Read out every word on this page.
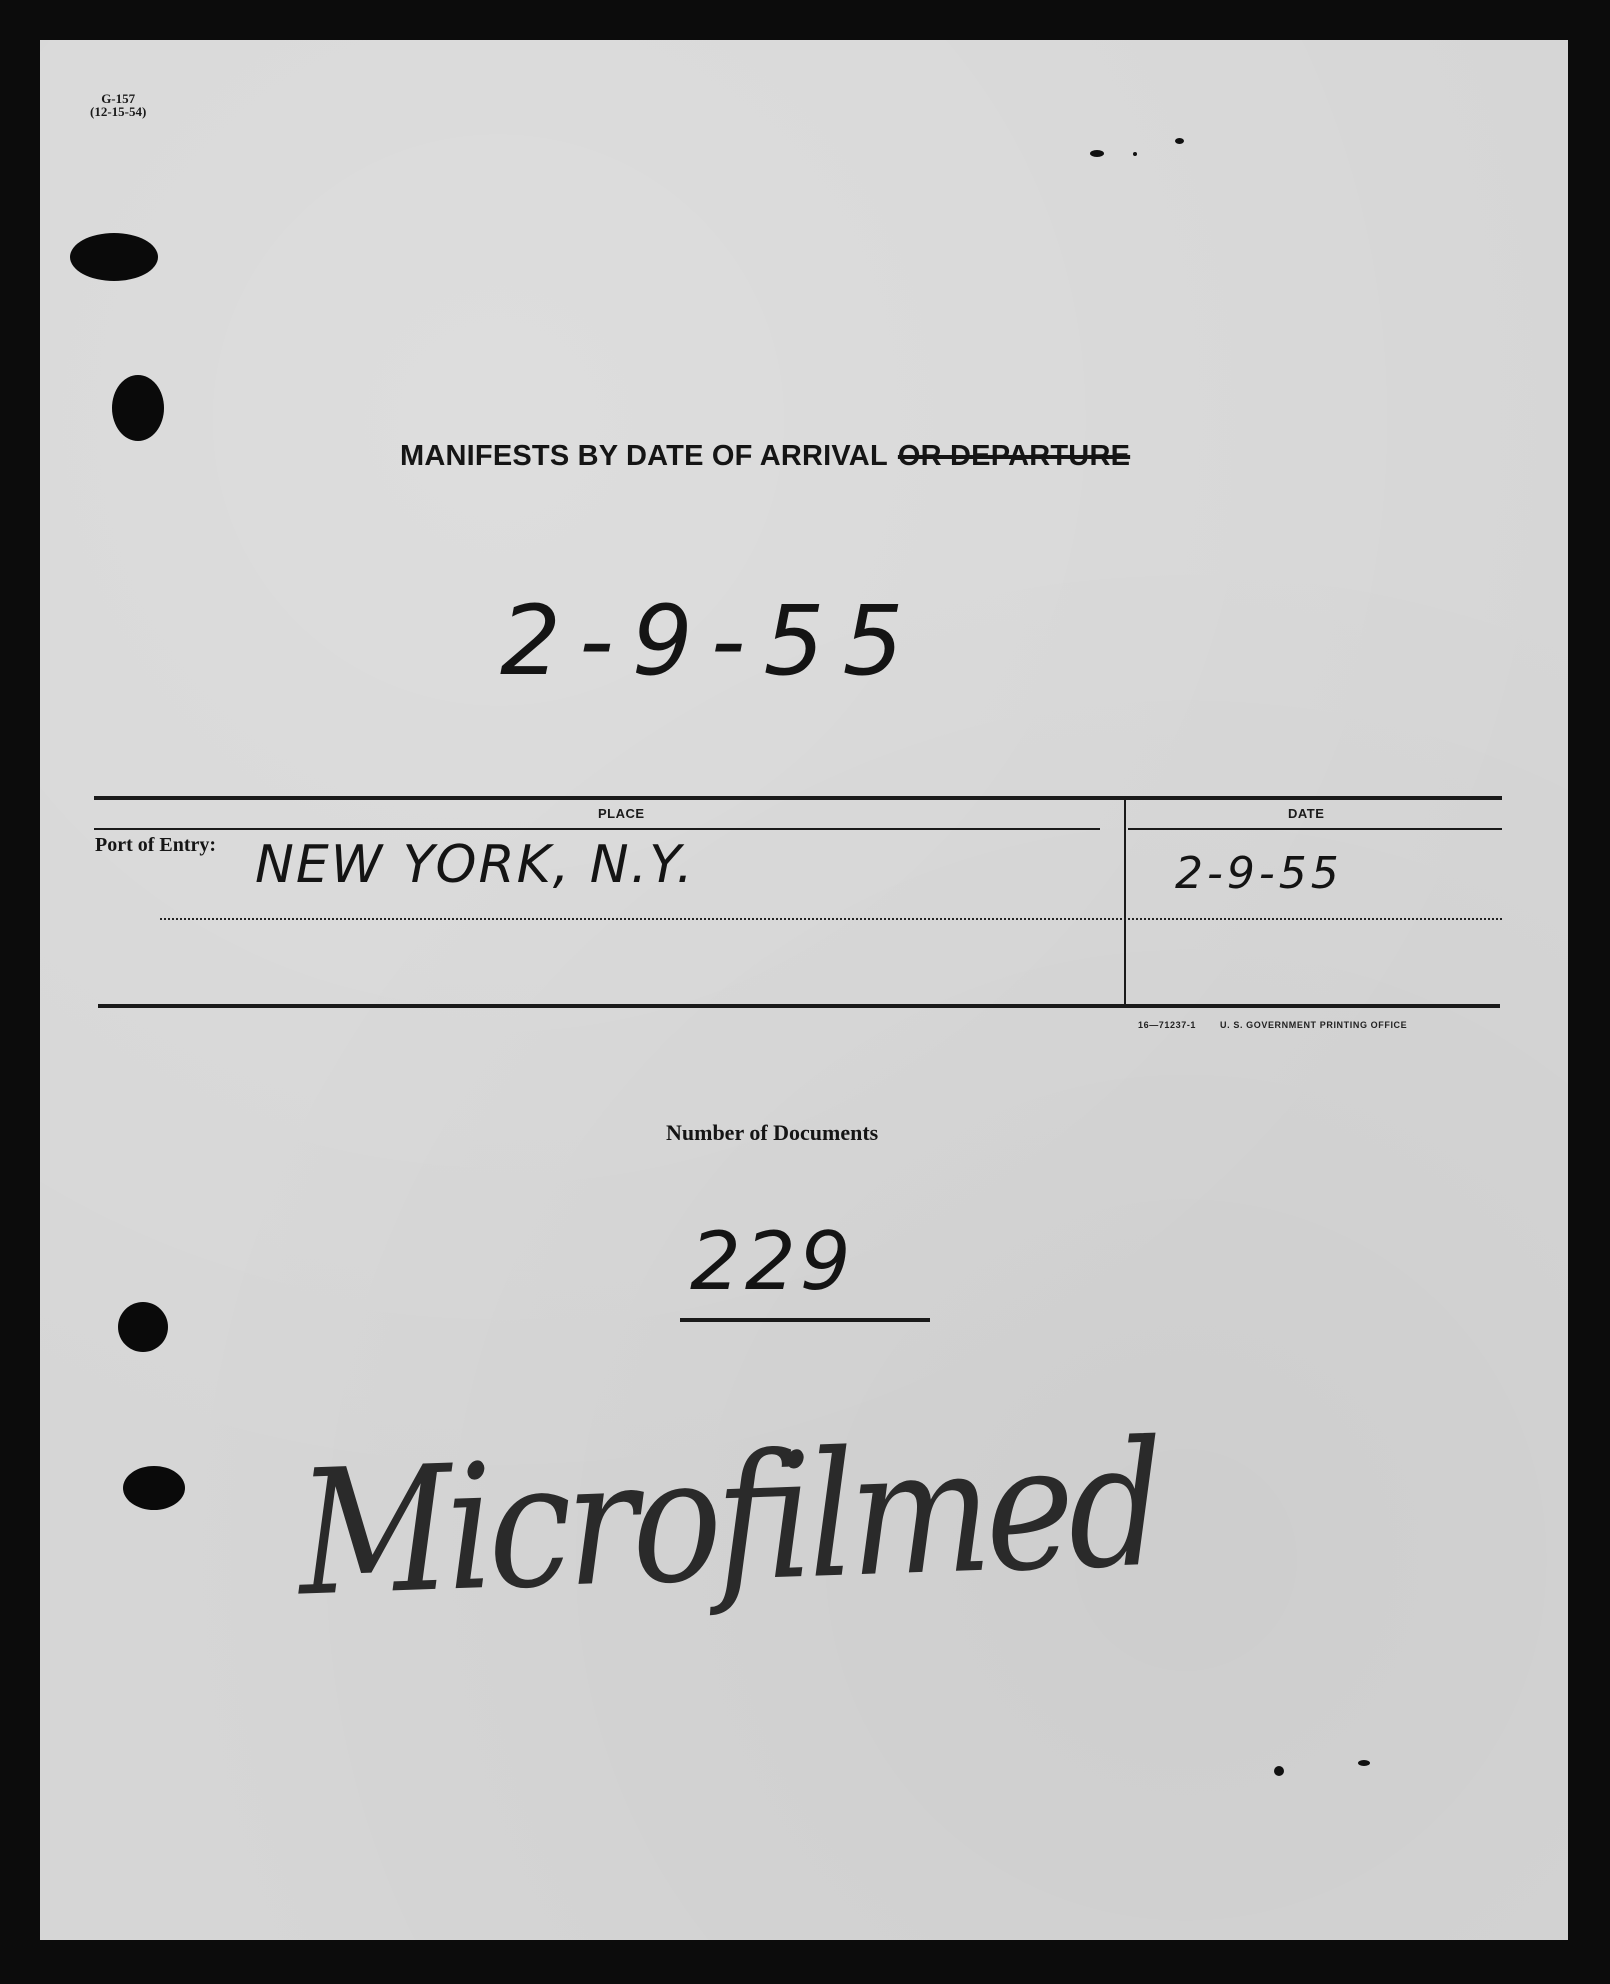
G-157
(12-15-54)
MANIFESTS BY DATE OF ARRIVAL OR DEPARTURE
2-9-55
PLACE	DATE
Port of Entry: NEW YORK, N.Y.	2-9-55
16—71237-1	U. S. GOVERNMENT PRINTING OFFICE
Number of Documents
229
Microfilmed
